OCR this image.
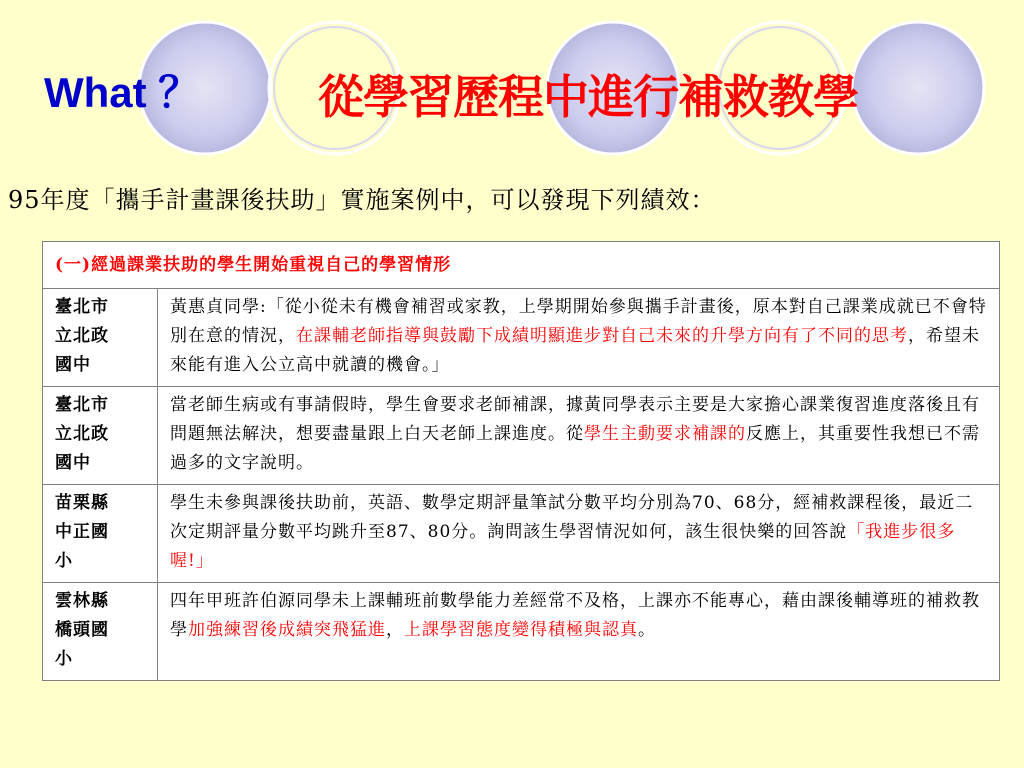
What ？	從學習歷程中進行補救教學
95年度「攜手計畫課後扶助」實施案例中，可以發現下列績效：
(一)經過課業扶助的學生開始重視自己的學習情形	

臺北市
立北政
國中	黃惠貞同學:「從小從未有機會補習或家教，上學期開始參與攜手計畫後，原本對自己課業成就已不會特別在意的情況，在課輔老師指導與鼓勵下成績明顯進步對自己未來的升學方向有了不同的思考，希望未來能有進入公立高中就讀的機會。」

臺北市
立北政
國中	當老師生病或有事請假時，學生會要求老師補課，據黃同學表示主要是大家擔心課業復習進度落後且有問題無法解決，想要盡量跟上白天老師上課進度。從學生主動要求補課的反應上，其重要性我想已不需過多的文字說明。

苗栗縣
中正國
小	學生未參與課後扶助前，英語、數學定期評量筆試分數平均分別為70、68分，經補救課程後，最近二次定期評量分數平均跳升至87、80分。詢問該生學習情況如何，該生很快樂的回答說「我進步很多喔!」

雲林縣
橋頭國
小	四年甲班許伯源同學未上課輔班前數學能力差經常不及格，上課亦不能專心，藉由課後輔導班的補救教學加強練習後成績突飛猛進，上課學習態度變得積極與認真。
